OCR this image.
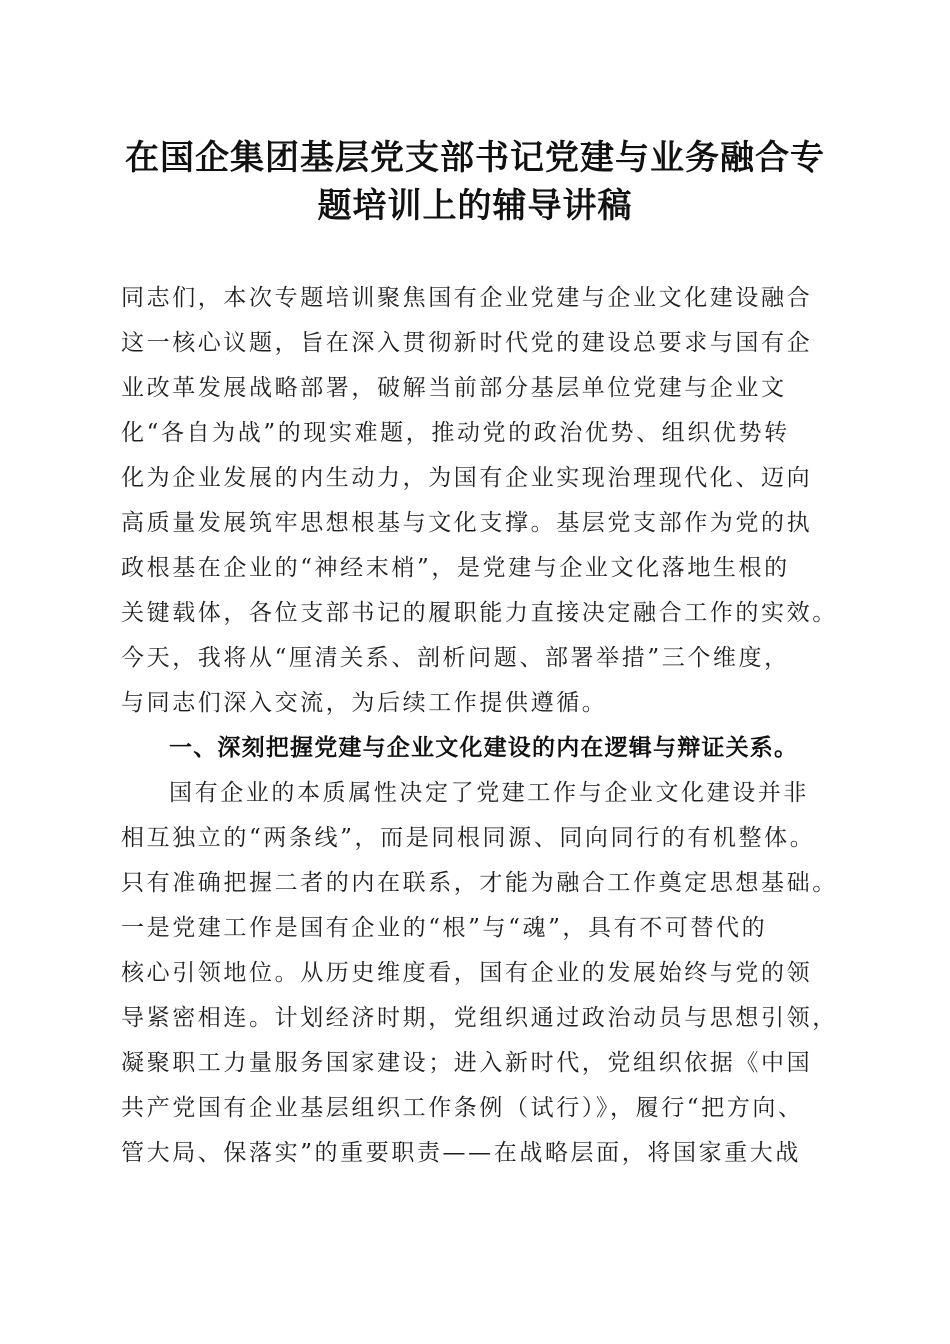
在国企集团基层党支部书记党建与业务融合专
题培训上的辅导讲稿
同志们，本次专题培训聚焦国有企业党建与企业文化建设融合
这一核心议题，旨在深入贯彻新时代党的建设总要求与国有企
业改革发展战略部署，破解当前部分基层单位党建与企业文
化“各自为战”的现实难题，推动党的政治优势、组织优势转
化为企业发展的内生动力，为国有企业实现治理现代化、迈向
高质量发展筑牢思想根基与文化支撑。基层党支部作为党的执
政根基在企业的“神经末梢”，是党建与企业文化落地生根的
关键载体，各位支部书记的履职能力直接决定融合工作的实效。
今天，我将从“厘清关系、剖析问题、部署举措”三个维度，
与同志们深入交流，为后续工作提供遵循。
一、深刻把握党建与企业文化建设的内在逻辑与辩证关系。
国有企业的本质属性决定了党建工作与企业文化建设并非
相互独立的“两条线”，而是同根同源、同向同行的有机整体。
只有准确把握二者的内在联系，才能为融合工作奠定思想基础。
一是党建工作是国有企业的“根”与“魂”，具有不可替代的
核心引领地位。从历史维度看，国有企业的发展始终与党的领
导紧密相连。计划经济时期，党组织通过政治动员与思想引领，
凝聚职工力量服务国家建设；进入新时代，党组织依据《中国
共产党国有企业基层组织工作条例（试行）》，履行“把方向、
管大局、保落实”的重要职责——在战略层面，将国家重大战
